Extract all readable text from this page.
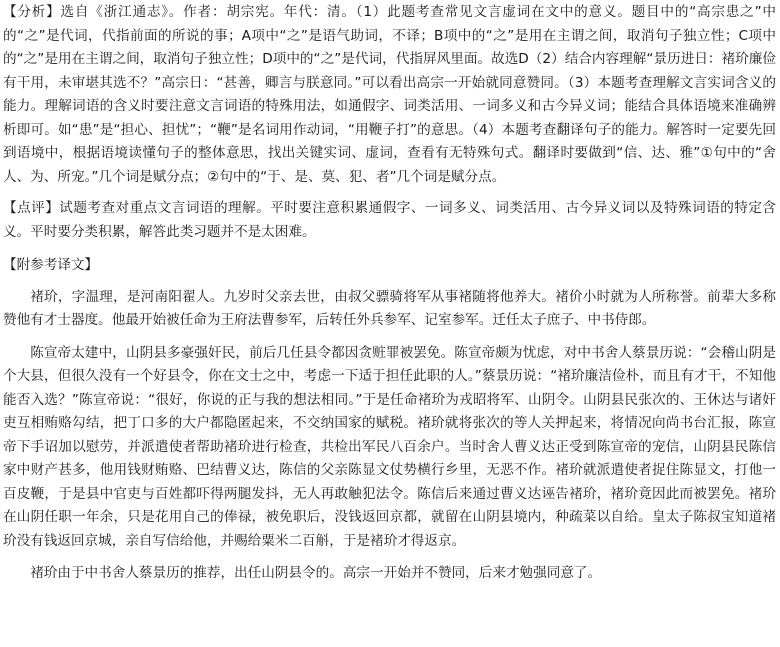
【分析】选自《浙江通志》。作者：胡宗宪。年代：清。（1）此题考查常见文言虚词在文中的意义。题目中的“高宗患之”中的“之”是代词，代指前面的所说的事；A项中“之”是语气助词，不译；B项中的“之”是用在主谓之间，取消句子独立性；C项中的“之”是用在主谓之间，取消句子独立性；D项中的“之”是代词，代指屏风里面。故选D（2）结合内容理解“景历进日：褚玠廉俭有干用，未审堪其选不？”高宗日：“甚善，卿言与朕意同。”可以看出高宗一开始就同意赞同。（3）本题考查理解文言实词含义的能力。理解词语的含义时要注意文言词语的特殊用法，如通假字、词类活用、一词多义和古今异义词；能结合具体语境来准确辨析即可。如“患”是“担心、担忧”；“鞭”是名词用作动词，“用鞭子打”的意思。（4）本题考查翻译句子的能力。解答时一定要先回到语境中，根据语境读懂句子的整体意思，找出关键实词、虚词，查看有无特殊句式。翻译时要做到“信、达、雅”①句中的“舍人、为、所宠。”几个词是赋分点；②句中的“于、是、莫、犯、者”几个词是赋分点。

【点评】试题考查对重点文言词语的理解。平时要注意积累通假字、一词多义、词类活用、古今异义词以及特殊词语的特定含义。平时要分类积累，解答此类习题并不是太困难。

【附参考译文】

褚玠，字温理，是河南阳翟人。九岁时父亲去世，由叔父骠骑将军从事褚随将他养大。褚价小时就为人所称誉。前辈大多称赞他有才士器度。他最开始被任命为王府法曹参军，后转任外兵参军、记室参军。迁任太子庶子、中书侍郎。

陈宣帝太建中，山阴县多豪强奸民，前后几任县令都因贪赃罪被罢免。陈宣帝颇为忧虑，对中书舍人蔡景历说：“会稽山阴是个大县，但很久没有一个好县令，你在文士之中，考虑一下适于担任此职的人。”蔡景历说：“褚玠廉洁俭朴，而且有才干，不知他能否入选？”陈宣帝说：“很好，你说的正与我的想法相同。”于是任命褚玠为戎昭将军、山阴令。山阴县民张次的、王休达与诸奸吏互相贿赂勾结，把丁口多的大户都隐匿起来，不交纳国家的赋税。褚玠就将张次的等人关押起来，将情况向尚书台汇报，陈宣帝下手诏加以慰劳，并派遣使者帮助褚玠进行检查，共检出军民八百余户。当时舍人曹义达正受到陈宣帝的宠信，山阴县民陈信家中财产甚多，他用钱财贿赂、巴结曹义达，陈信的父亲陈显文仗势横行乡里，无恶不作。褚玠就派遣使者捉住陈显文，打他一百皮鞭，于是县中官吏与百姓都吓得两腿发抖，无人再敢触犯法令。陈信后来通过曹义达诬告褚玠，褚玠竟因此而被罢免。褚玠在山阴任职一年余，只是花用自己的俸禄，被免职后，没钱返回京都，就留在山阴县境内，种疏菜以自给。皇太子陈叔宝知道褚玠没有钱返回京城，亲自写信给他，并赐给粟米二百斛，于是褚玠才得返京。

褚玠由于中书舍人蔡景历的推荐，出任山阴县令的。高宗一开始并不赞同，后来才勉强同意了。
